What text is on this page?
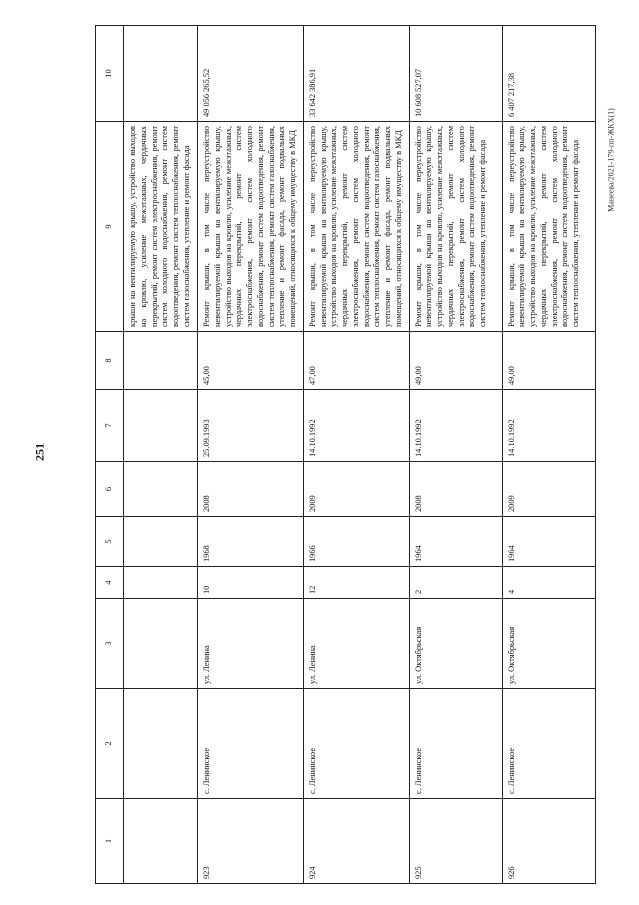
251
Манеева/2021-179-пп-ЖКХ(1)
1	2	3	4	5	6	7	8	9	10
								крыши на вентилируемую крышу, устройство выходов на кровлю, усиление межэтажных, чердачных перекрытий, ремонт систем электроснабжения, ремонт систем холодного водоснабжения, ремонт систем водоотведения, ремонт систем теплоснабжения, ремонт систем газоснабжения, утепление и ремонт фасада	
923	с. Ленинское	ул. Ленина	10	1968	2008	25.09.1993	45,00	Ремонт крыши, в том числе переустройство невентилируемой крыши на вентилируемую крышу, устройство выходов на кровлю, усиление межэтажных, чердачных перекрытий, ремонт систем электроснабжения, ремонт систем холодного водоснабжения, ремонт систем водоотведения, ремонт систем теплоснабжения, ремонт систем газоснабжения, утепление и ремонт фасада, ремонт подвальных помещений, относящихся к общему имуществу в МКД	49 056 265,52
924	с. Ленинское	ул. Ленина	12	1966	2009	14.10.1992	47,00	Ремонт крыши, в том числе переустройство невентилируемой крыши на вентилируемую крышу, устройство выходов на кровлю, усиление межэтажных, чердачных перекрытий, ремонт систем электроснабжения, ремонт систем холодного водоснабжения, ремонт систем водоотведения, ремонт систем теплоснабжения, ремонт систем газоснабжения, утепление и ремонт фасада, ремонт подвальных помещений, относящихся к общему имуществу в МКД	33 642 386,91
925	с. Ленинское	ул. Октябрьская	2	1964	2008	14.10.1992	49,00	Ремонт крыши, в том числе переустройство невентилируемой крыши на вентилируемую крышу, устройство выходов на кровлю, усиление межэтажных, чердачных перекрытий, ремонт систем электроснабжения, ремонт систем холодного водоснабжения, ремонт систем водоотведения, ремонт систем теплоснабжения, утепление и ремонт фасада	10 608 527,07
926	с. Ленинское	ул. Октябрьская	4	1964	2009	14.10.1992	49,00	Ремонт крыши, в том числе переустройство невентилируемой крыши на вентилируемую крышу, устройство выходов на кровлю, усиление межэтажных, чердачных перекрытий, ремонт систем электроснабжения, ремонт систем холодного водоснабжения, ремонт систем водоотведения, ремонт систем теплоснабжения, утепление и ремонт фасада	6 407 217,38
